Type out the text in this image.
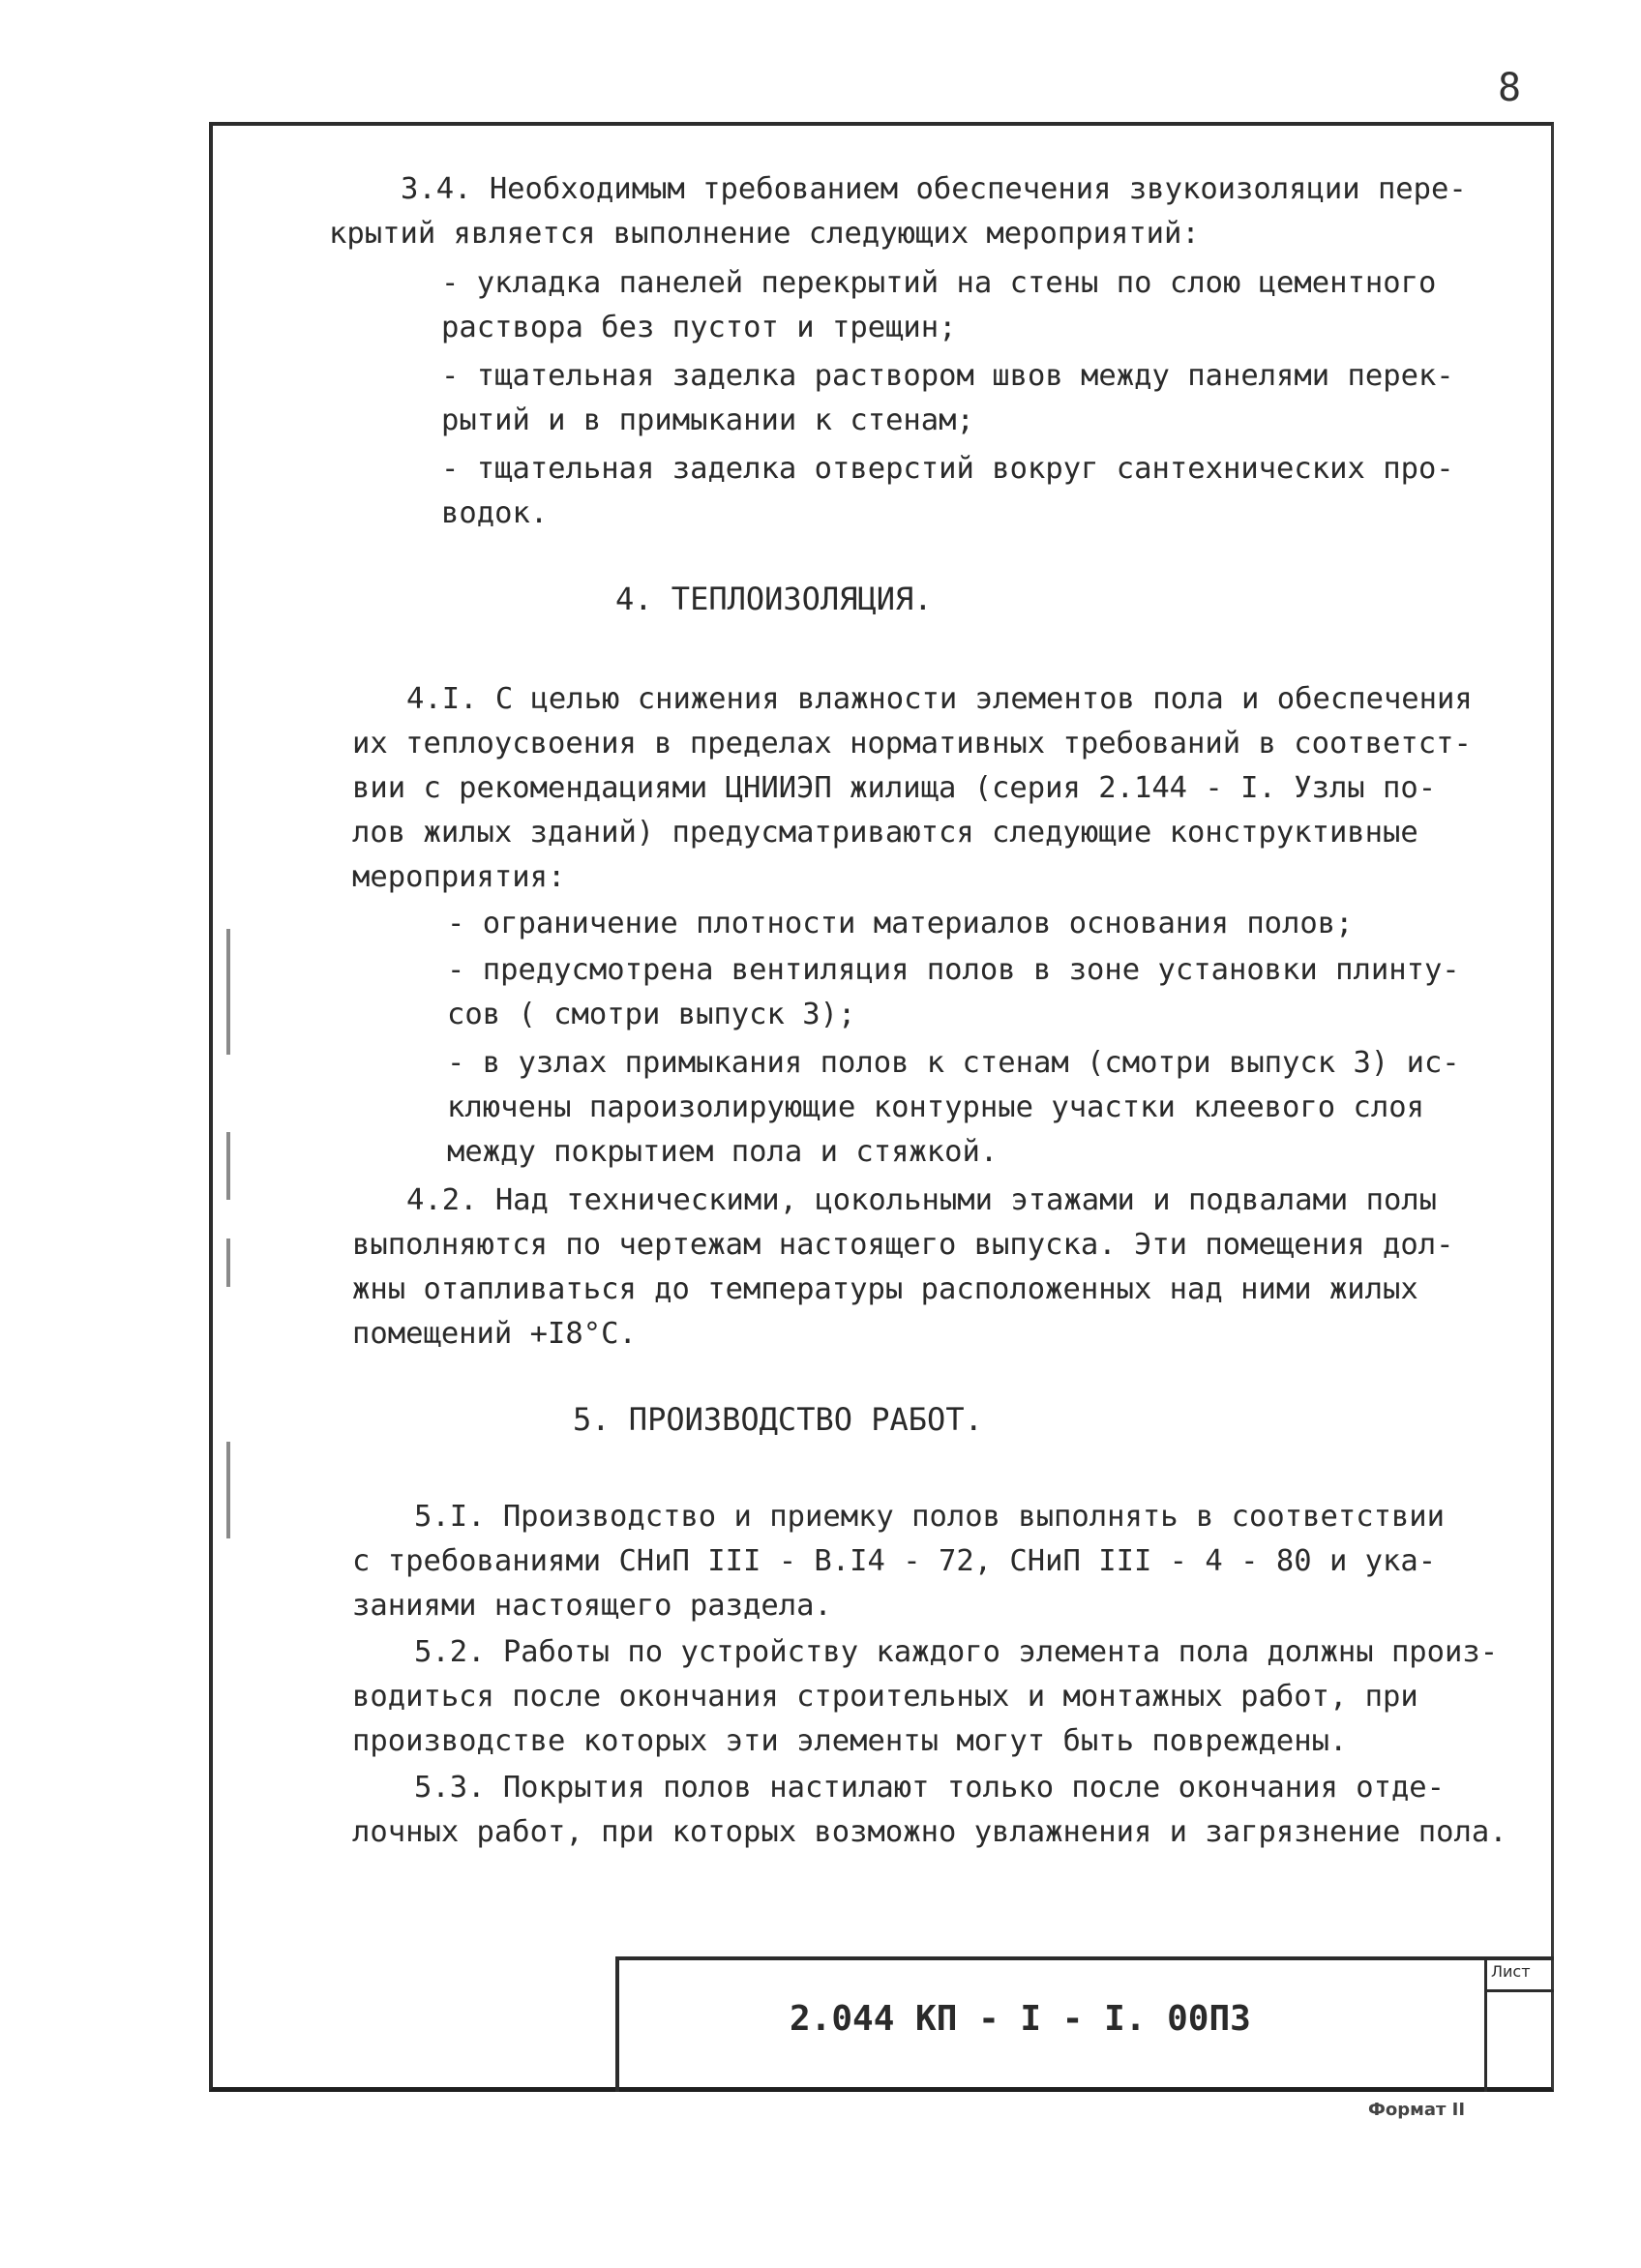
8
3.4. Необходимым требованием обеспечения звукоизоляции пере-
крытий является выполнение следующих мероприятий:
- укладка панелей перекрытий на стены по слою цементного
раствора без пустот и трещин;
- тщательная заделка раствором швов между панелями перек-
рытий и в примыкании к стенам;
- тщательная заделка отверстий вокруг сантехнических про-
водок.
4. ТЕПЛОИЗОЛЯЦИЯ.
4.I. С целью снижения влажности элементов пола и обеспечения
их теплоусвоения в пределах нормативных требований в соответст-
вии с рекомендациями ЦНИИЭП жилища (серия 2.144 - I. Узлы по-
лов жилых зданий) предусматриваются следующие конструктивные
мероприятия:
- ограничение плотности материалов основания полов;
- предусмотрена вентиляция полов в зоне установки плинту-
сов ( смотри выпуск 3);
- в узлах примыкания полов к стенам (смотри выпуск 3) ис-
ключены пароизолирующие контурные участки клеевого слоя
между покрытием пола и стяжкой.
4.2. Над техническими, цокольными этажами и подвалами полы
выполняются по чертежам настоящего выпуска. Эти помещения дол-
жны отапливаться до температуры расположенных над ними жилых
помещений +I8°С.
5. ПРОИЗВОДСТВО РАБОТ.
5.I. Производство и приемку полов выполнять в соответствии
с требованиями СНиП III - В.I4 - 72, СНиП III - 4 - 80 и ука-
заниями настоящего раздела.
5.2. Работы по устройству каждого элемента пола должны произ-
водиться после окончания строительных и монтажных работ, при
производстве которых эти элементы могут быть повреждены.
5.3. Покрытия полов настилают только после окончания отде-
лочных работ, при которых возможно увлажнения и загрязнение пола.
2.044 КП - I - I. 00ПЗ
Лист
Формат II
